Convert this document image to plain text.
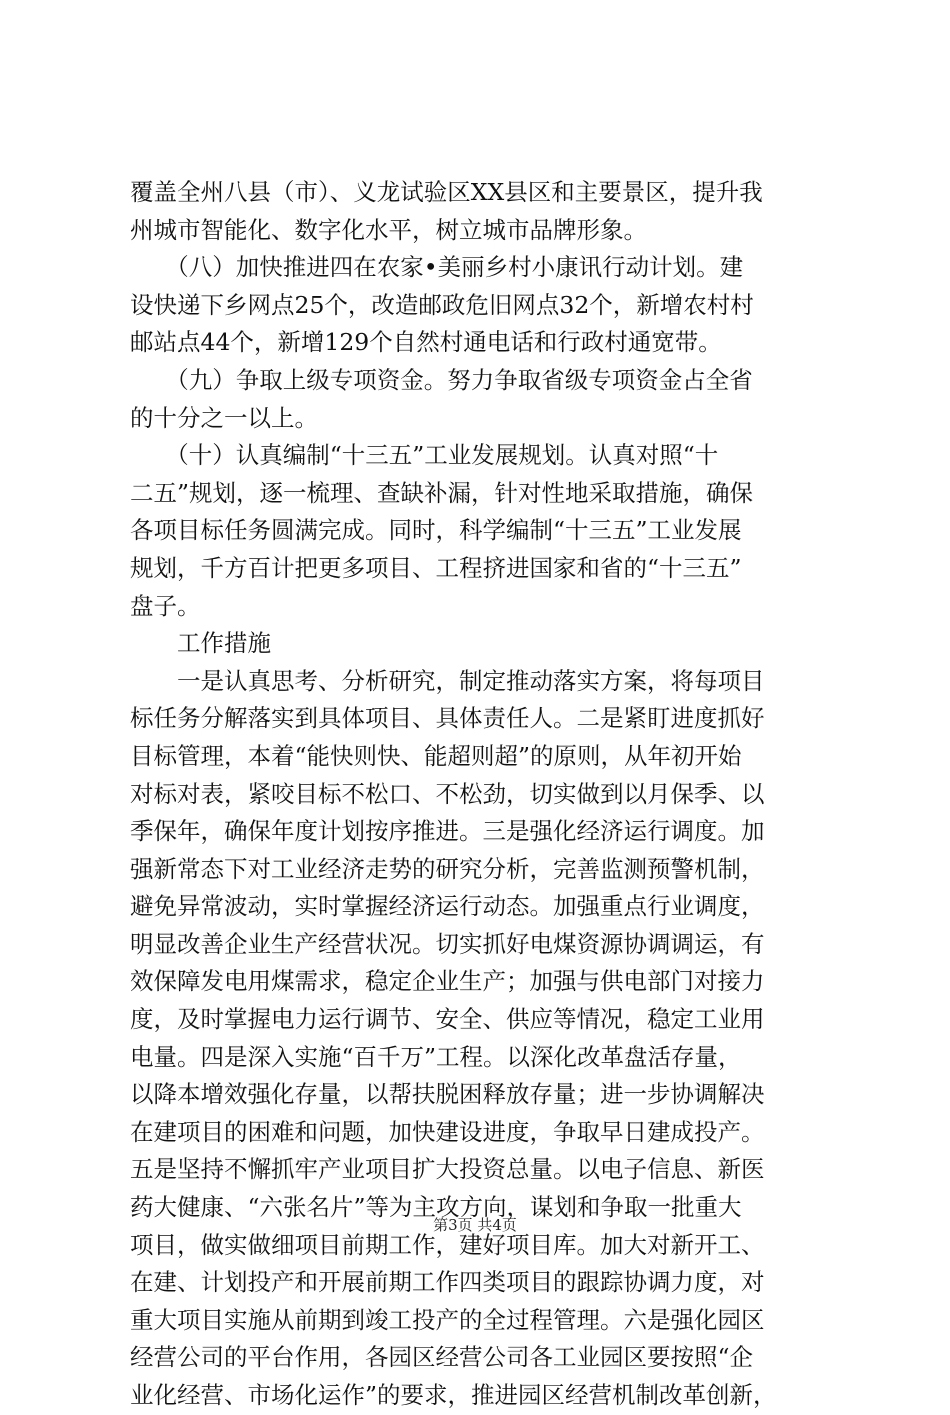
覆盖全州八县（市）、义龙试验区XX县区和主要景区，提升我
州城市智能化、数字化水平，树立城市品牌形象。
　　（八）加快推进四在农家•美丽乡村小康讯行动计划。建
设快递下乡网点25个，改造邮政危旧网点32个，新增农村村
邮站点44个，新增129个自然村通电话和行政村通宽带。
　　（九）争取上级专项资金。努力争取省级专项资金占全省
的十分之一以上。
　　（十）认真编制“十三五”工业发展规划。认真对照“十
二五”规划，逐一梳理、查缺补漏，针对性地采取措施，确保
各项目标任务圆满完成。同时，科学编制“十三五”工业发展
规划，千方百计把更多项目、工程挤进国家和省的“十三五”
盘子。
　　工作措施
　　一是认真思考、分析研究，制定推动落实方案，将每项目
标任务分解落实到具体项目、具体责任人。二是紧盯进度抓好
目标管理，本着“能快则快、能超则超”的原则，从年初开始
对标对表，紧咬目标不松口、不松劲，切实做到以月保季、以
季保年，确保年度计划按序推进。三是强化经济运行调度。加
强新常态下对工业经济走势的研究分析，完善监测预警机制，
避免异常波动，实时掌握经济运行动态。加强重点行业调度，
明显改善企业生产经营状况。切实抓好电煤资源协调调运，有
效保障发电用煤需求，稳定企业生产；加强与供电部门对接力
度，及时掌握电力运行调节、安全、供应等情况，稳定工业用
电量。四是深入实施“百千万”工程。以深化改革盘活存量，
以降本增效强化存量，以帮扶脱困释放存量；进一步协调解决
在建项目的困难和问题，加快建设进度，争取早日建成投产。
五是坚持不懈抓牢产业项目扩大投资总量。以电子信息、新医
药大健康、“六张名片”等为主攻方向，谋划和争取一批重大
项目，做实做细项目前期工作，建好项目库。加大对新开工、
在建、计划投产和开展前期工作四类项目的跟踪协调力度，对
重大项目实施从前期到竣工投产的全过程管理。六是强化园区
经营公司的平台作用，各园区经营公司各工业园区要按照“企
业化经营、市场化运作”的要求，推进园区经营机制改革创新，
第3页 共4页
